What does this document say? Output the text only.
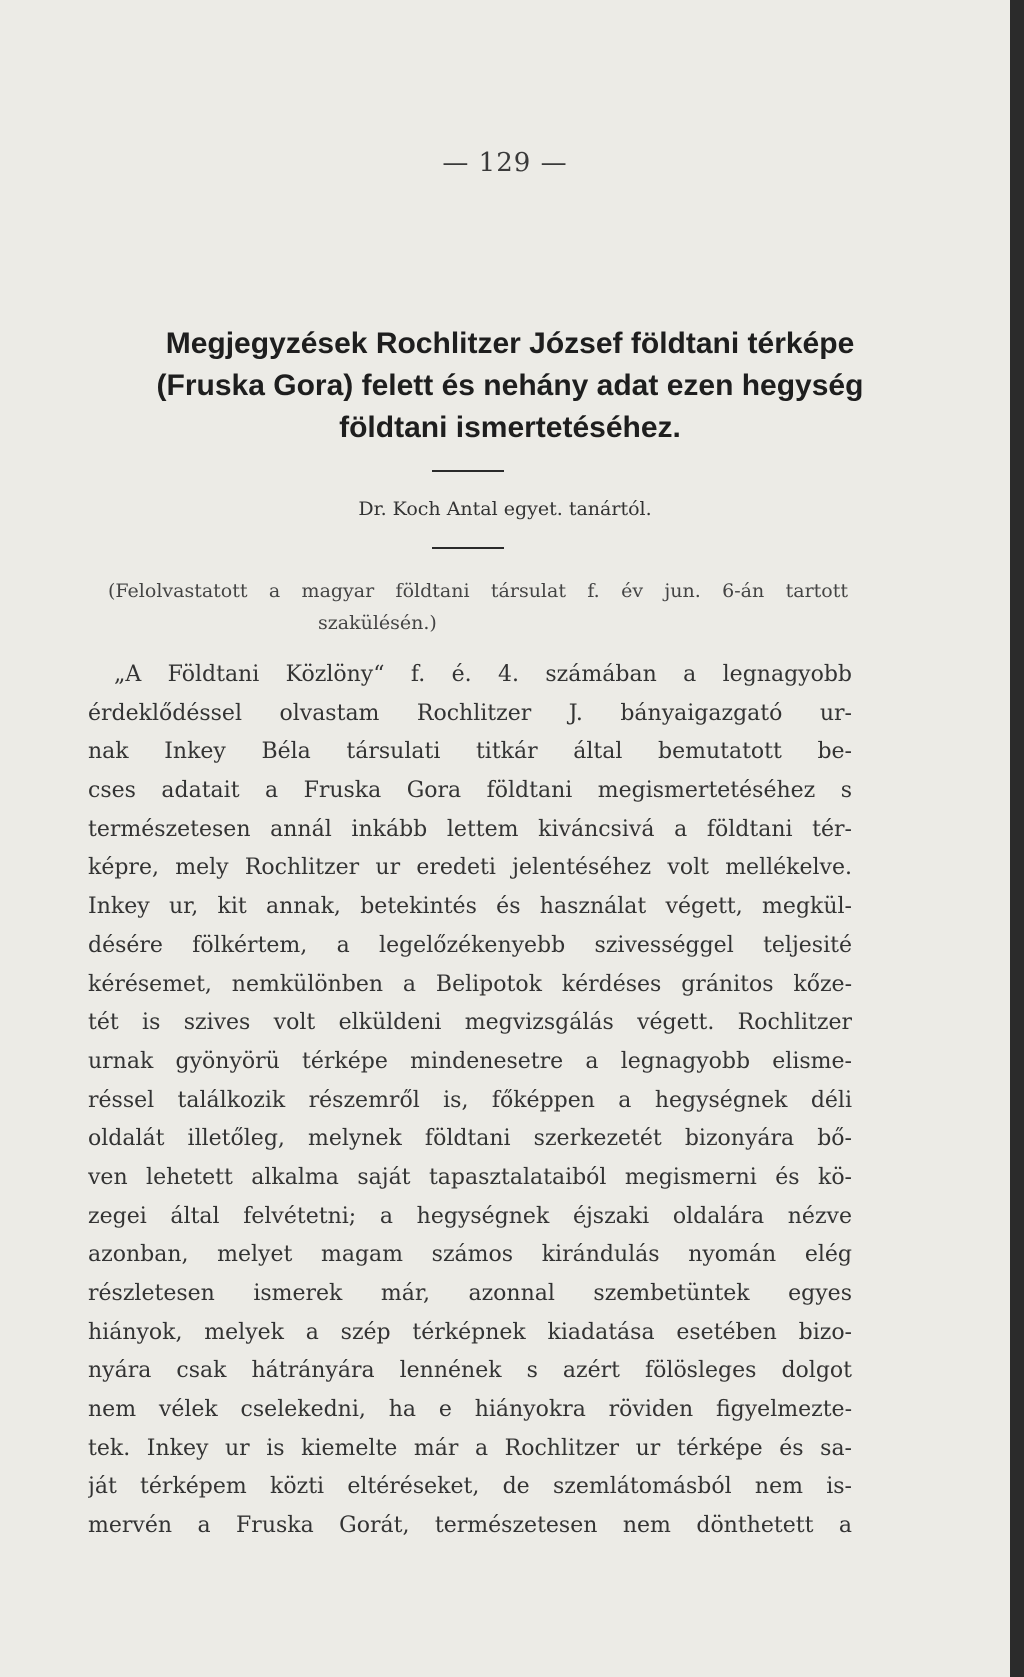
— 129 —
Megjegyzések Rochlitzer József földtani térképe
(Fruska Gora) felett és nehány adat ezen hegység
földtani ismertetéséhez.
Dr. Koch Antal egyet. tanártól.
(Felolvastatott a magyar földtani társulat f. év jun. 6-án tartott
szakülésén.)
„A Földtani Közlöny“ f. é. 4. számában a legnagyobb
érdeklődéssel olvastam Rochlitzer J. bányaigazgató ur-
nak Inkey Béla társulati titkár által bemutatott be-
cses adatait a Fruska Gora földtani megismertetéséhez s
természetesen annál inkább lettem kiváncsivá a földtani tér-
képre, mely Rochlitzer ur eredeti jelentéséhez volt mellékelve.
Inkey ur, kit annak, betekintés és használat végett, megkül-
désére fölkértem, a legelőzékenyebb szivességgel teljesité
kérésemet, nemkülönben a Belipotok kérdéses gránitos kőze-
tét is szives volt elküldeni megvizsgálás végett. Rochlitzer
urnak gyönyörü térképe mindenesetre a legnagyobb elisme-
réssel találkozik részemről is, főképpen a hegységnek déli
oldalát illetőleg, melynek földtani szerkezetét bizonyára bő-
ven lehetett alkalma saját tapasztalataiból megismerni és kö-
zegei által felvétetni; a hegységnek éjszaki oldalára nézve
azonban, melyet magam számos kirándulás nyomán elég
részletesen ismerek már, azonnal szembetüntek egyes
hiányok, melyek a szép térképnek kiadatása esetében bizo-
nyára csak hátrányára lennének s azért fölösleges dolgot
nem vélek cselekedni, ha e hiányokra röviden figyelmezte-
tek. Inkey ur is kiemelte már a Rochlitzer ur térképe és sa-
ját térképem közti eltéréseket, de szemlátomásból nem is-
mervén a Fruska Gorát, természetesen nem dönthetett a
